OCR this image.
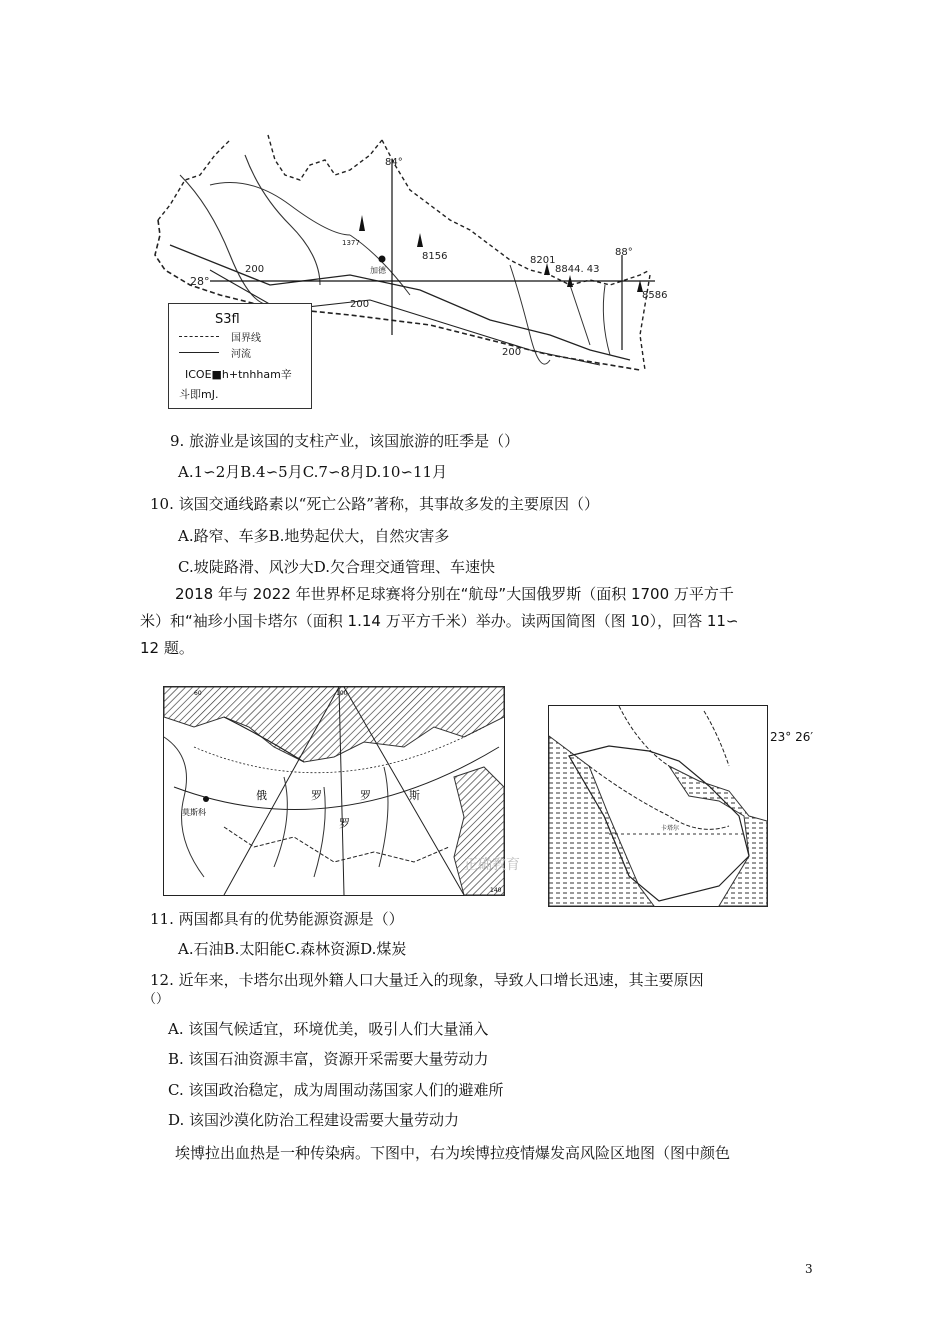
84°
88°
28°
8156	8201
8844. 43
8586
1377
加德
200
200
200
S3fl
国界线
河流
ICOE■h+tnhham辛
斗即mJ.
9. 旅游业是该国的支柱产业，该国旅游的旺季是（）
A.1∽2月B.4∽5月C.7∽8月D.10∽11月
10. 该国交通线路素以“死亡公路”著称，其事故多发的主要原因（）
A.路窄、车多B.地势起伏大，自然灾害多
C.坡陡路滑、风沙大D.欠合理交通管理、车速快
2018 年与 2022 年世界杯足球赛将分别在“航母”大国俄罗斯（面积 1700 万平方千
米）和“袖珍小国卡塔尔（面积 1.14 万平方千米）举办。读两国简图（图 10），回答 11∽
12 题。
莫斯科
俄	罗	罗	斯
罗
60	100
140
正确教育
卡塔尔
23° 26′
11. 两国都具有的优势能源资源是（）
A.石油B.太阳能C.森林资源D.煤炭
12. 近年来，卡塔尔出现外籍人口大量迁入的现象，导致人口增长迅速，其主要原因
（）
A. 该国气候适宜，环境优美，吸引人们大量涌入
B. 该国石油资源丰富，资源开采需要大量劳动力
C. 该国政治稳定，成为周围动荡国家人们的避难所
D. 该国沙漠化防治工程建设需要大量劳动力
埃博拉出血热是一种传染病。下图中，右为埃博拉疫情爆发高风险区地图（图中颜色
3
